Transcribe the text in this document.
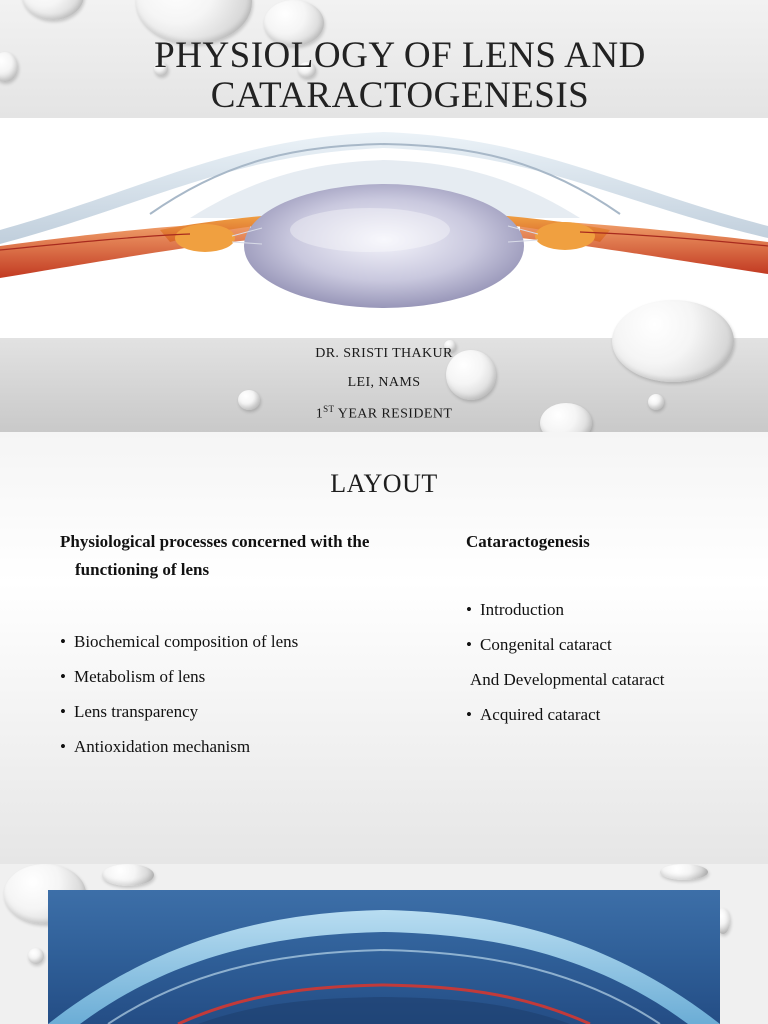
PHYSIOLOGY OF LENS AND CATARACTOGENESIS
DR. SRISTI THAKUR
LEI, NAMS
1ST YEAR RESIDENT
LAYOUT
Physiological processes concerned with the functioning of lens
• Biochemical composition of lens
• Metabolism of lens
• Lens transparency
• Antioxidation mechanism
Cataractogenesis
• Introduction
• Congenital cataract
And Developmental cataract
• Acquired cataract
